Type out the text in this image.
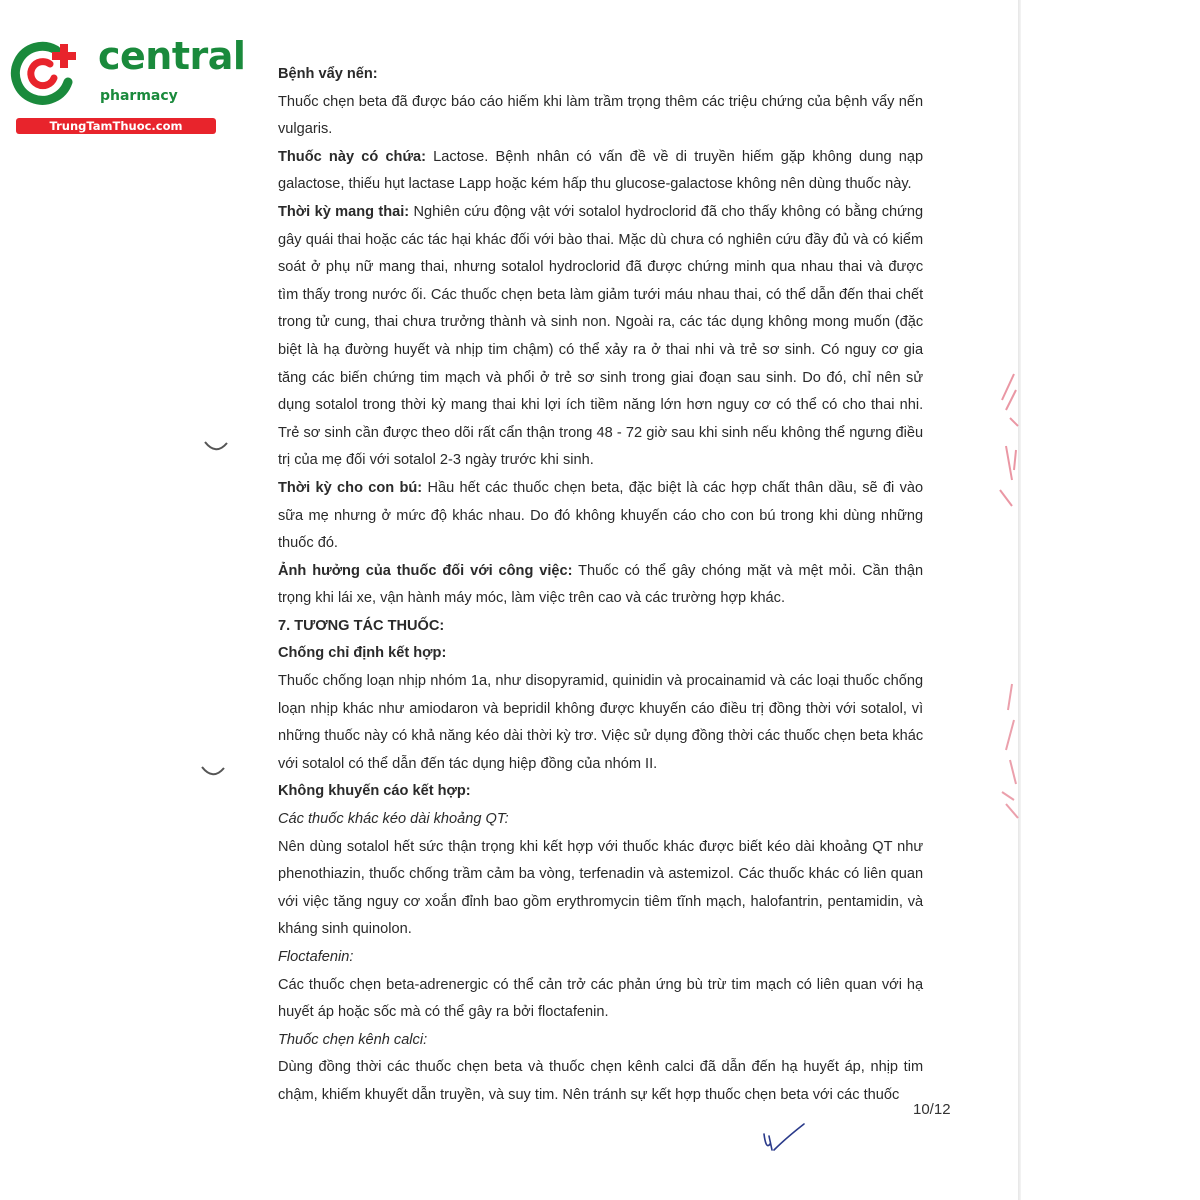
central
pharmacy
TrungTamThuoc.com

Bệnh vẩy nến:

Thuốc chẹn beta đã được báo cáo hiếm khi làm trầm trọng thêm các triệu chứng của bệnh vẩy nến vulgaris.

Thuốc này có chứa: Lactose. Bệnh nhân có vấn đề về di truyền hiếm gặp không dung nạp galactose, thiếu hụt lactase Lapp hoặc kém hấp thu glucose-galactose không nên dùng thuốc này.

Thời kỳ mang thai: Nghiên cứu động vật với sotalol hydroclorid đã cho thấy không có bằng chứng gây quái thai hoặc các tác hại khác đối với bào thai. Mặc dù chưa có nghiên cứu đầy đủ và có kiểm soát ở phụ nữ mang thai, nhưng sotalol hydroclorid đã được chứng minh qua nhau thai và được tìm thấy trong nước ối. Các thuốc chẹn beta làm giảm tưới máu nhau thai, có thể dẫn đến thai chết trong tử cung, thai chưa trưởng thành và sinh non. Ngoài ra, các tác dụng không mong muốn (đặc biệt là hạ đường huyết và nhịp tim chậm) có thể xảy ra ở thai nhi và trẻ sơ sinh. Có nguy cơ gia tăng các biến chứng tim mạch và phổi ở trẻ sơ sinh trong giai đoạn sau sinh. Do đó, chỉ nên sử dụng sotalol trong thời kỳ mang thai khi lợi ích tiềm năng lớn hơn nguy cơ có thể có cho thai nhi. Trẻ sơ sinh cần được theo dõi rất cẩn thận trong 48 - 72 giờ sau khi sinh nếu không thể ngưng điều trị của mẹ đối với sotalol 2-3 ngày trước khi sinh.

Thời kỳ cho con bú: Hầu hết các thuốc chẹn beta, đặc biệt là các hợp chất thân dầu, sẽ đi vào sữa mẹ nhưng ở mức độ khác nhau. Do đó không khuyến cáo cho con bú trong khi dùng những thuốc đó.

Ảnh hưởng của thuốc đối với công việc: Thuốc có thể gây chóng mặt và mệt mỏi. Cần thận trọng khi lái xe, vận hành máy móc, làm việc trên cao và các trường hợp khác.

7. TƯƠNG TÁC THUỐC:

Chống chỉ định kết hợp:

Thuốc chống loạn nhịp nhóm 1a, như disopyramid, quinidin và procainamid và các loại thuốc chống loạn nhịp khác như amiodaron và bepridil không được khuyến cáo điều trị đồng thời với sotalol, vì những thuốc này có khả năng kéo dài thời kỳ trơ. Việc sử dụng đồng thời các thuốc chẹn beta khác với sotalol có thể dẫn đến tác dụng hiệp đồng của nhóm II.

Không khuyến cáo kết hợp:

Các thuốc khác kéo dài khoảng QT:

Nên dùng sotalol hết sức thận trọng khi kết hợp với thuốc khác được biết kéo dài khoảng QT như phenothiazin, thuốc chống trầm cảm ba vòng, terfenadin và astemizol. Các thuốc khác có liên quan với việc tăng nguy cơ xoắn đỉnh bao gồm erythromycin tiêm tĩnh mạch, halofantrin, pentamidin, và kháng sinh quinolon.

Floctafenin:

Các thuốc chẹn beta-adrenergic có thể cản trở các phản ứng bù trừ tim mạch có liên quan với hạ huyết áp hoặc sốc mà có thể gây ra bởi floctafenin.

Thuốc chẹn kênh calci:

Dùng đồng thời các thuốc chẹn beta và thuốc chẹn kênh calci đã dẫn đến hạ huyết áp, nhịp tim chậm, khiếm khuyết dẫn truyền, và suy tim. Nên tránh sự kết hợp thuốc chẹn beta với các thuốc

10/12
